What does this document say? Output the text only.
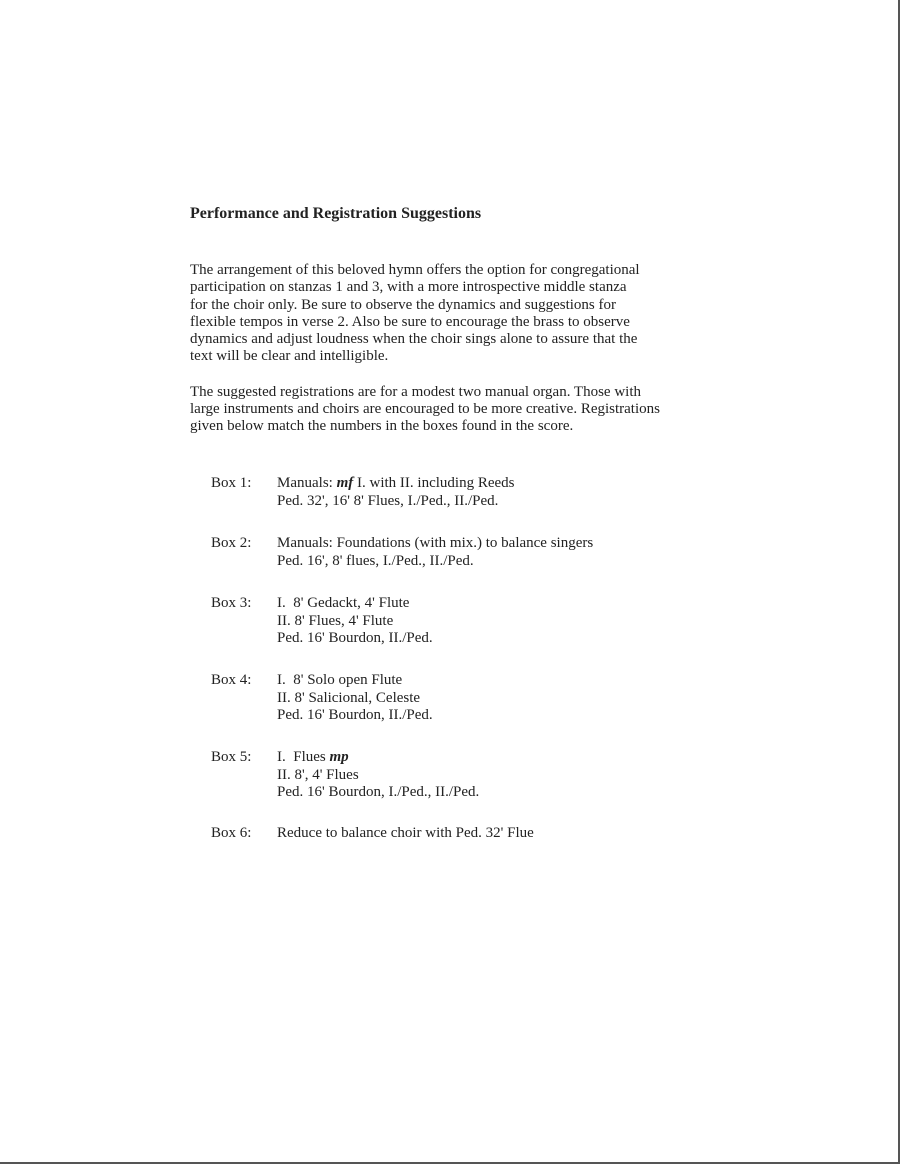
Performance and Registration Suggestions

The arrangement of this beloved hymn offers the option for congregational
participation on stanzas 1 and 3, with a more introspective middle stanza
for the choir only. Be sure to observe the dynamics and suggestions for
flexible tempos in verse 2. Also be sure to encourage the brass to observe
dynamics and adjust loudness when the choir sings alone to assure that the
text will be clear and intelligible.

The suggested registrations are for a modest two manual organ. Those with
large instruments and choirs are encouraged to be more creative. Registrations
given below match the numbers in the boxes found in the score.

Box 1:	Manuals: mf I. with II. including Reeds
Ped. 32', 16' 8' Flues, I./Ped., II./Ped.
Box 2:	Manuals: Foundations (with mix.) to balance singers
Ped. 16', 8' flues, I./Ped., II./Ped.
Box 3:	I.  8' Gedackt, 4' Flute
II. 8' Flues, 4' Flute
Ped. 16' Bourdon, II./Ped.
Box 4:	I.  8' Solo open Flute
II. 8' Salicional, Celeste
Ped. 16' Bourdon, II./Ped.
Box 5:	I.  Flues mp
II. 8', 4' Flues
Ped. 16' Bourdon, I./Ped., II./Ped.
Box 6:	Reduce to balance choir with Ped. 32' Flue
